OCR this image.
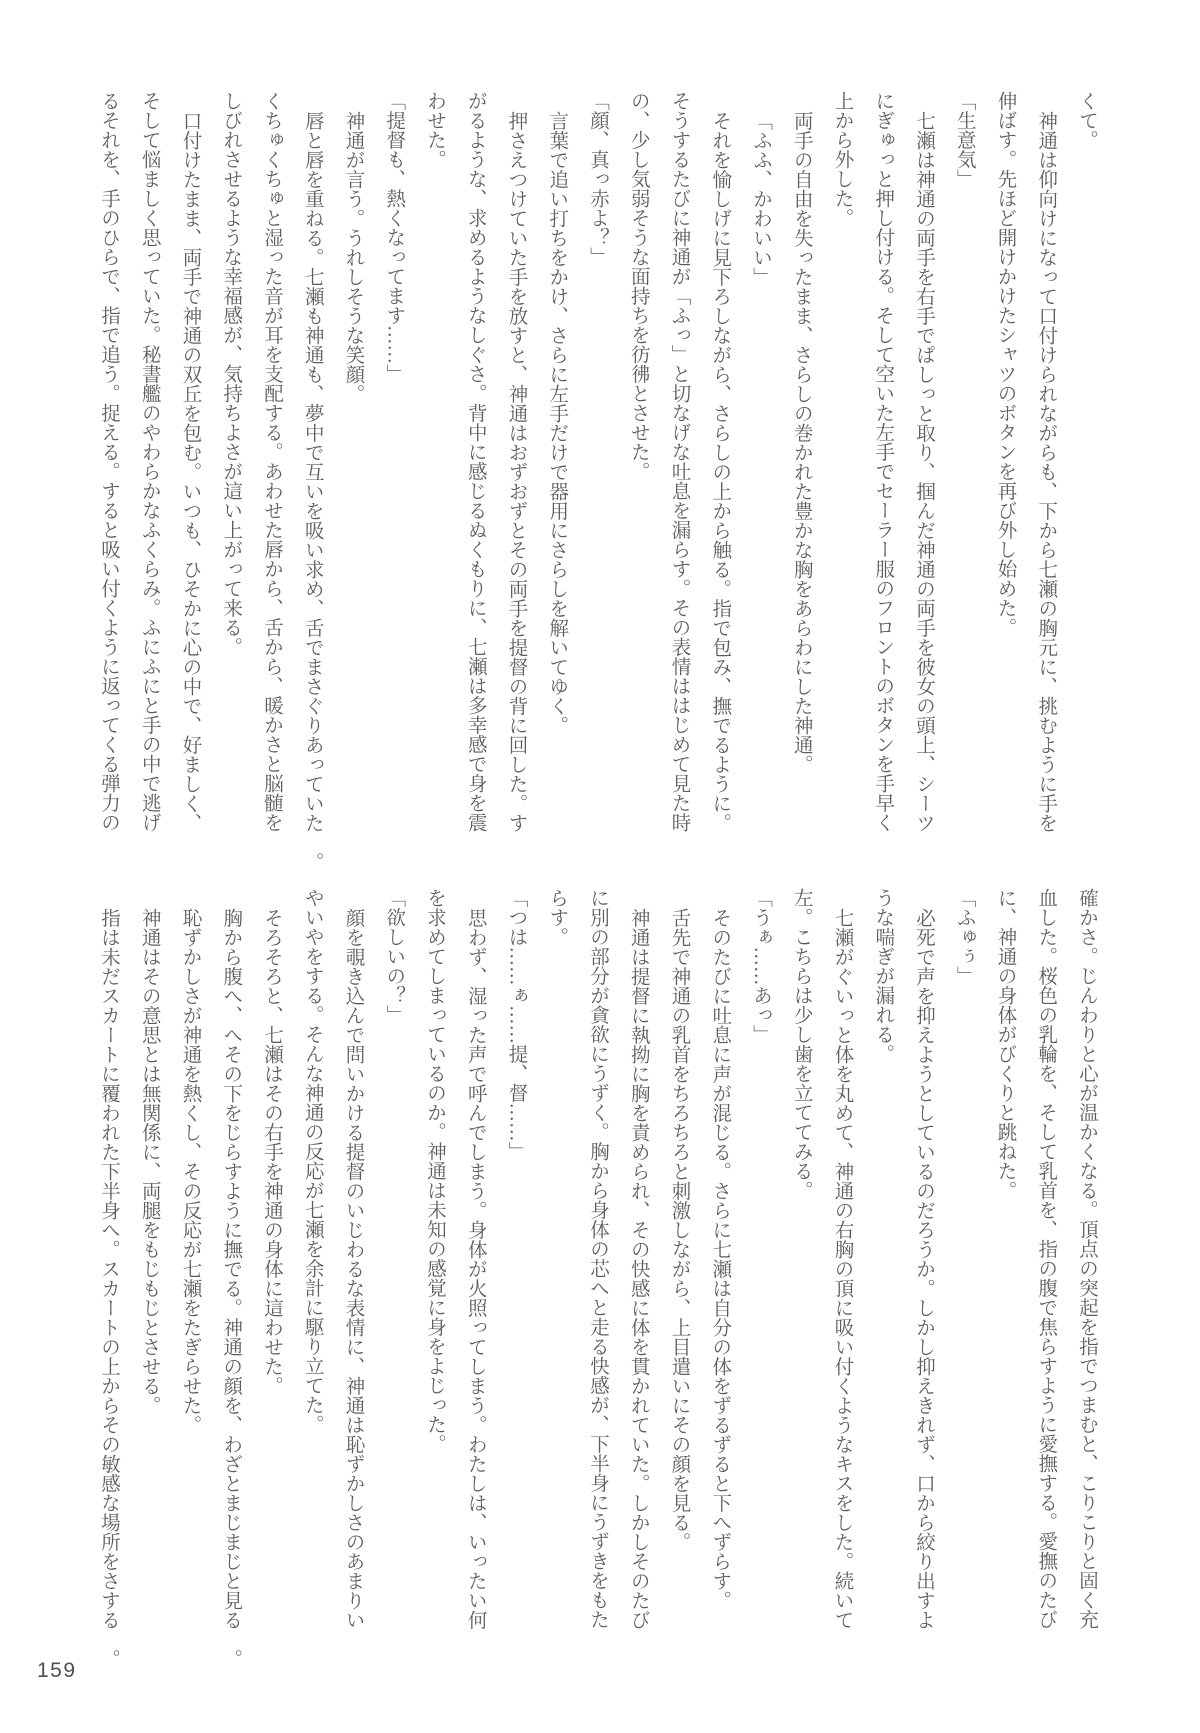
くて。

神通は仰向けになって口付けられながらも、下から七瀬の胸元に、挑むように手を伸ばす。先ほど開けかけたシャツのボタンを再び外し始めた。

「生意気」

七瀬は神通の両手を右手でぱしっと取り、掴んだ神通の両手を彼女の頭上、シーツにぎゅっと押し付ける。そして空いた左手でセーラー服のフロントのボタンを手早く上から外した。

両手の自由を失ったまま、さらしの巻かれた豊かな胸をあらわにした神通。

「ふふ、かわいい」

それを愉しげに見下ろしながら、さらしの上から触る。指で包み、撫でるように。

そうするたびに神通が「ふっ」と切なげな吐息を漏らす。その表情ははじめて見た時の、少し気弱そうな面持ちを彷彿とさせた。

「顔、真っ赤よ？」

言葉で追い打ちをかけ、さらに左手だけで器用にさらしを解いてゆく。

押さえつけていた手を放すと、神通はおずおずとその両手を提督の背に回した。すがるような、求めるようなしぐさ。背中に感じるぬくもりに、七瀬は多幸感で身を震わせた。

「提督も、熱くなってます……」

神通が言う。うれしそうな笑顔。

唇と唇を重ねる。七瀬も神通も、夢中で互いを吸い求め、舌でまさぐりあっていた。

くちゅくちゅと湿った音が耳を支配する。あわせた唇から、舌から、暖かさと脳髄をしびれさせるような幸福感が、気持ちよさが這い上がって来る。

口付けたまま、両手で神通の双丘を包む。いつも、ひそかに心の中で、好ましく、そして悩ましく思っていた。秘書艦のやわらかなふくらみ。ふにふにと手の中で逃げるそれを、手のひらで、指で追う。捉える。すると吸い付くように返ってくる弾力の

確かさ。じんわりと心が温かくなる。頂点の突起を指でつまむと、こりこりと固く充血した。桜色の乳輪を、そして乳首を、指の腹で焦らすように愛撫する。愛撫のたびに、神通の身体がびくりと跳ねた。

「ふゅぅ」

必死で声を抑えようとしているのだろうか。しかし抑えきれず、口から絞り出すような喘ぎが漏れる。

七瀬がぐいっと体を丸めて、神通の右胸の頂に吸い付くようなキスをした。続いて左。こちらは少し歯を立ててみる。

「うぁ……あっ」

そのたびに吐息に声が混じる。さらに七瀬は自分の体をずるずると下へずらす。

舌先で神通の乳首をちろちろと刺激しながら、上目遣いにその顔を見る。

神通は提督に執拗に胸を責められ、その快感に体を貫かれていた。しかしそのたびに別の部分が貪欲にうずく。胸から身体の芯へと走る快感が、下半身にうずきをもたらす。

「つは……ぁ……提、督……」

思わず、湿った声で呼んでしまう。身体が火照ってしまう。わたしは、いったい何を求めてしまっているのか。神通は未知の感覚に身をよじった。

「欲しいの？」

顔を覗き込んで問いかける提督のいじわるな表情に、神通は恥ずかしさのあまりいやいやをする。そんな神通の反応が七瀬を余計に駆り立てた。

そろそろと、七瀬はその右手を神通の身体に這わせた。

胸から腹へ、へその下をじらすように撫でる。神通の顔を、わざとまじまじと見る。

恥ずかしさが神通を熱くし、その反応が七瀬をたぎらせた。

神通はその意思とは無関係に、両腿をもじもじとさせる。

指は未だスカートに覆われた下半身へ。スカートの上からその敏感な場所をさする。

159
